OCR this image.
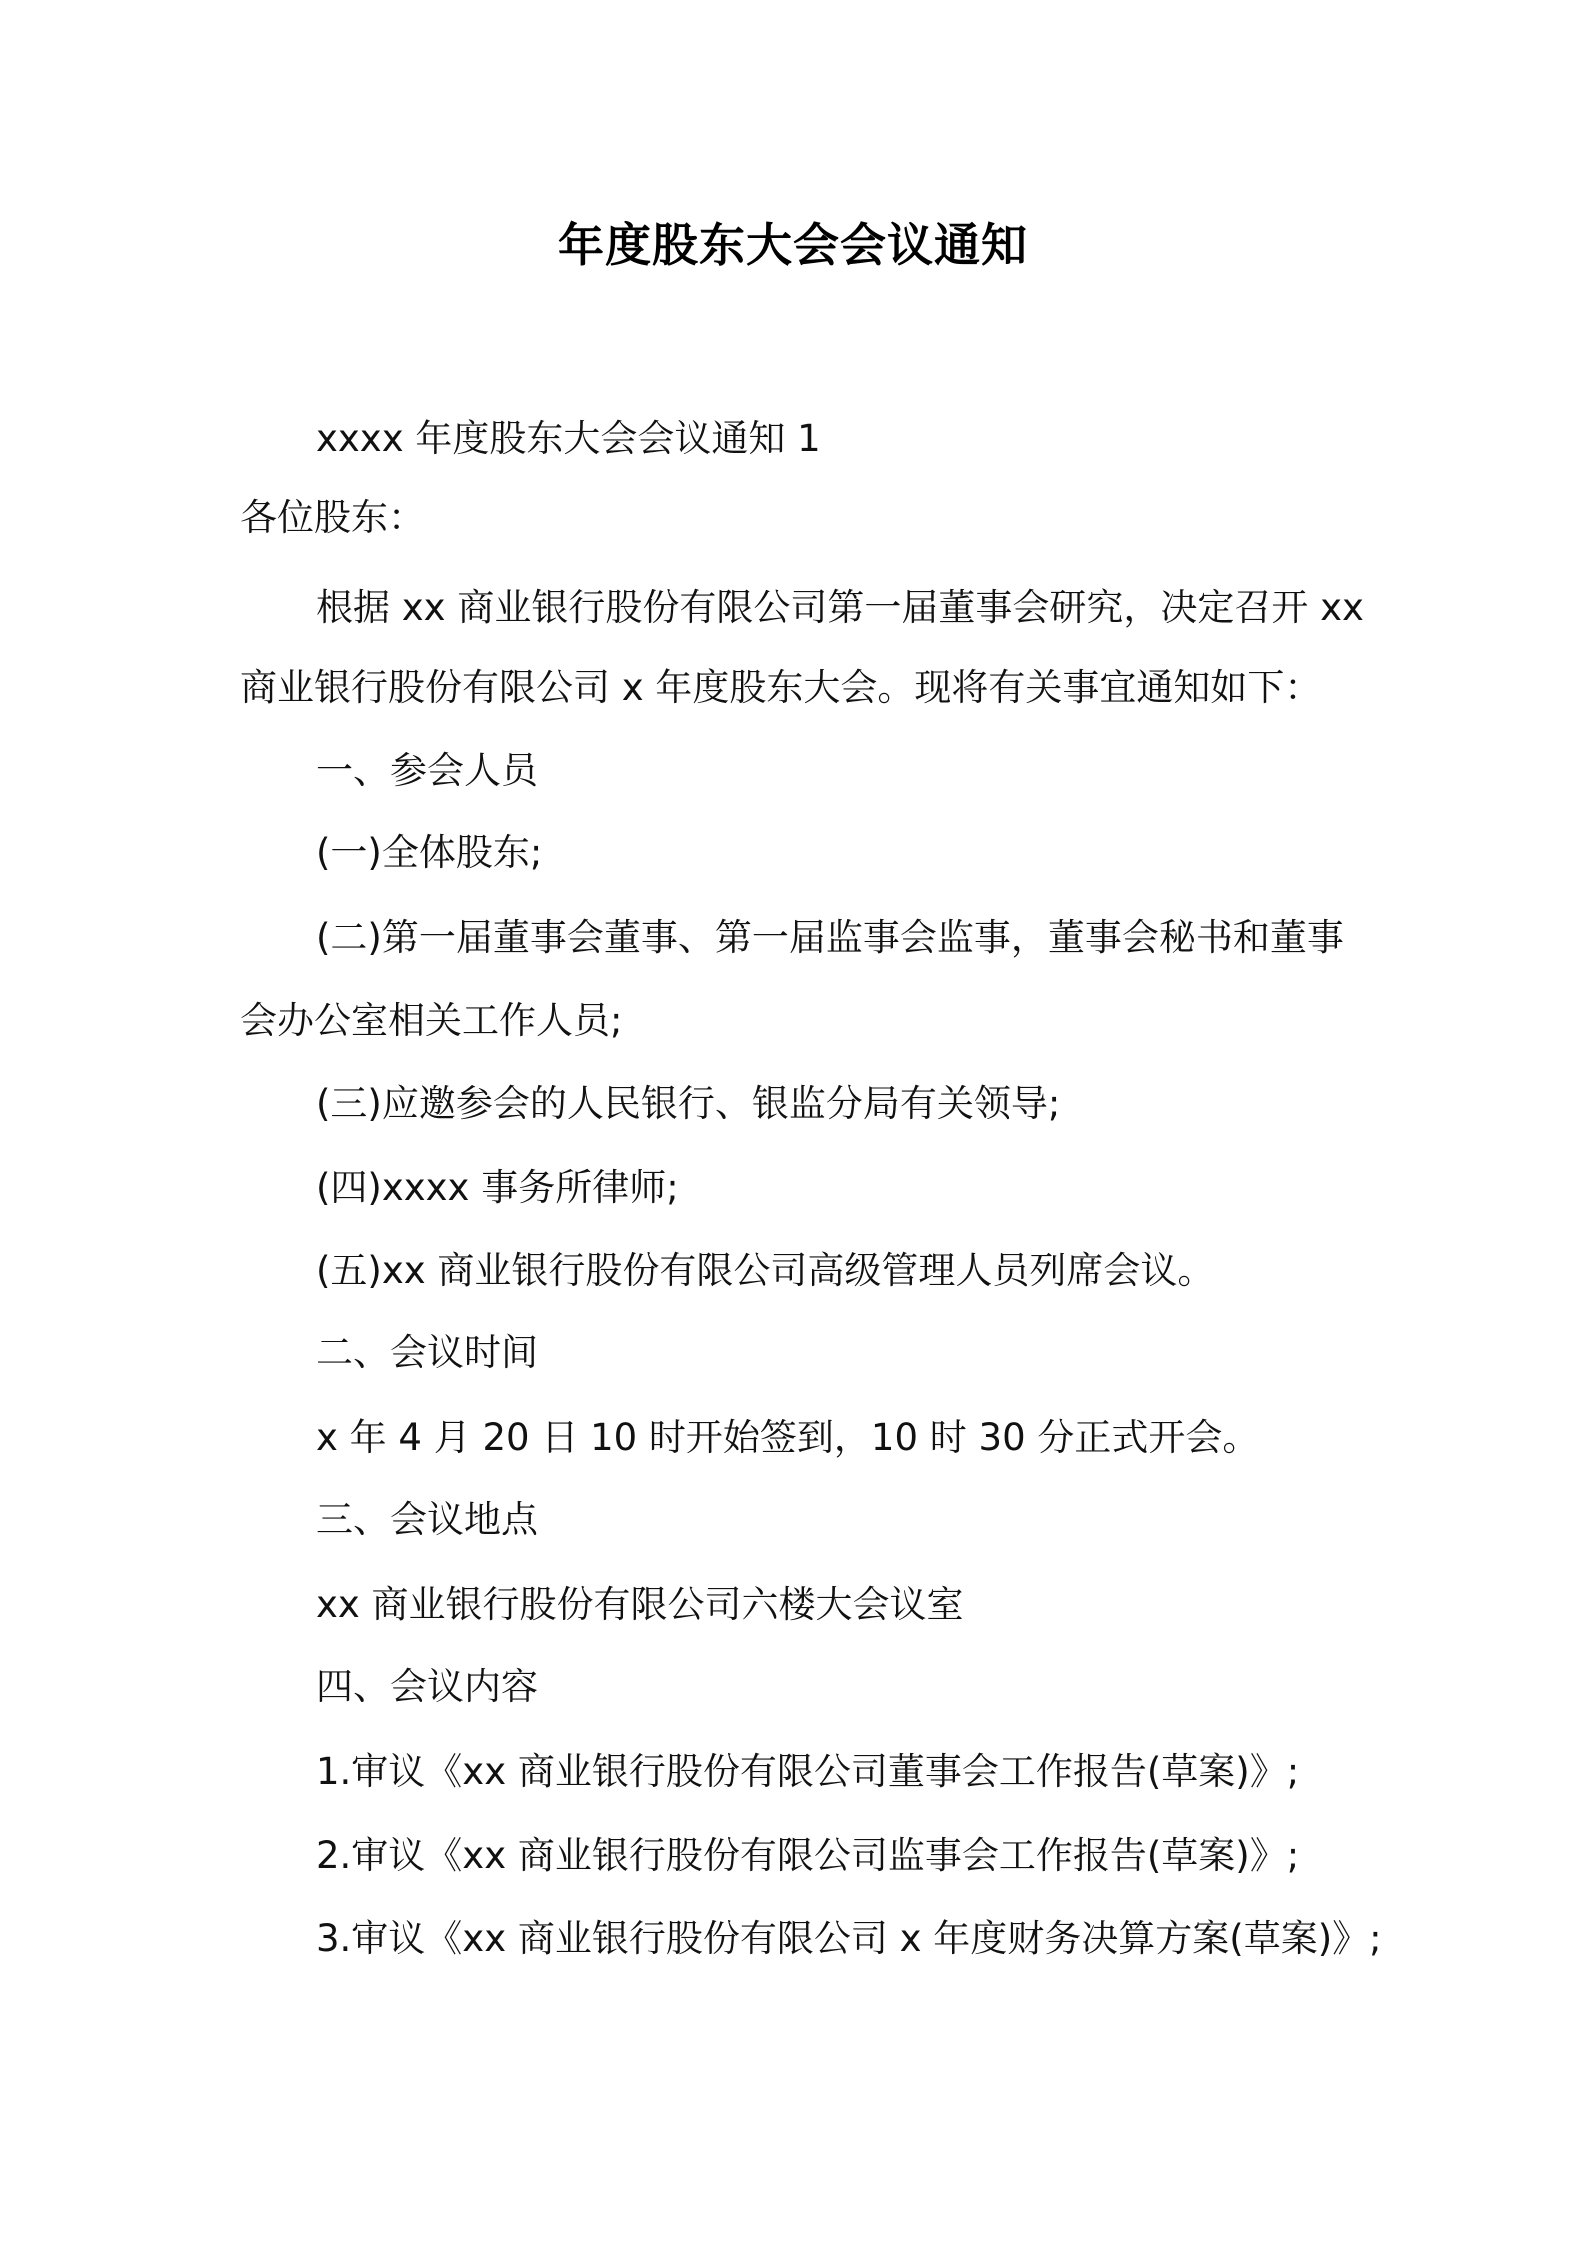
年度股东大会会议通知
xxxx 年度股东大会会议通知 1
各位股东：
根据 xx 商业银行股份有限公司第一届董事会研究，决定召开 xx
商业银行股份有限公司 x 年度股东大会。现将有关事宜通知如下：
一、参会人员
(一)全体股东;
(二)第一届董事会董事、第一届监事会监事，董事会秘书和董事
会办公室相关工作人员;
(三)应邀参会的人民银行、银监分局有关领导;
(四)xxxx 事务所律师;
(五)xx 商业银行股份有限公司高级管理人员列席会议。
二、会议时间
x 年 4 月 20 日 10 时开始签到，10 时 30 分正式开会。
三、会议地点
xx 商业银行股份有限公司六楼大会议室
四、会议内容
1.审议《xx 商业银行股份有限公司董事会工作报告(草案)》;
2.审议《xx 商业银行股份有限公司监事会工作报告(草案)》;
3.审议《xx 商业银行股份有限公司 x 年度财务决算方案(草案)》;
